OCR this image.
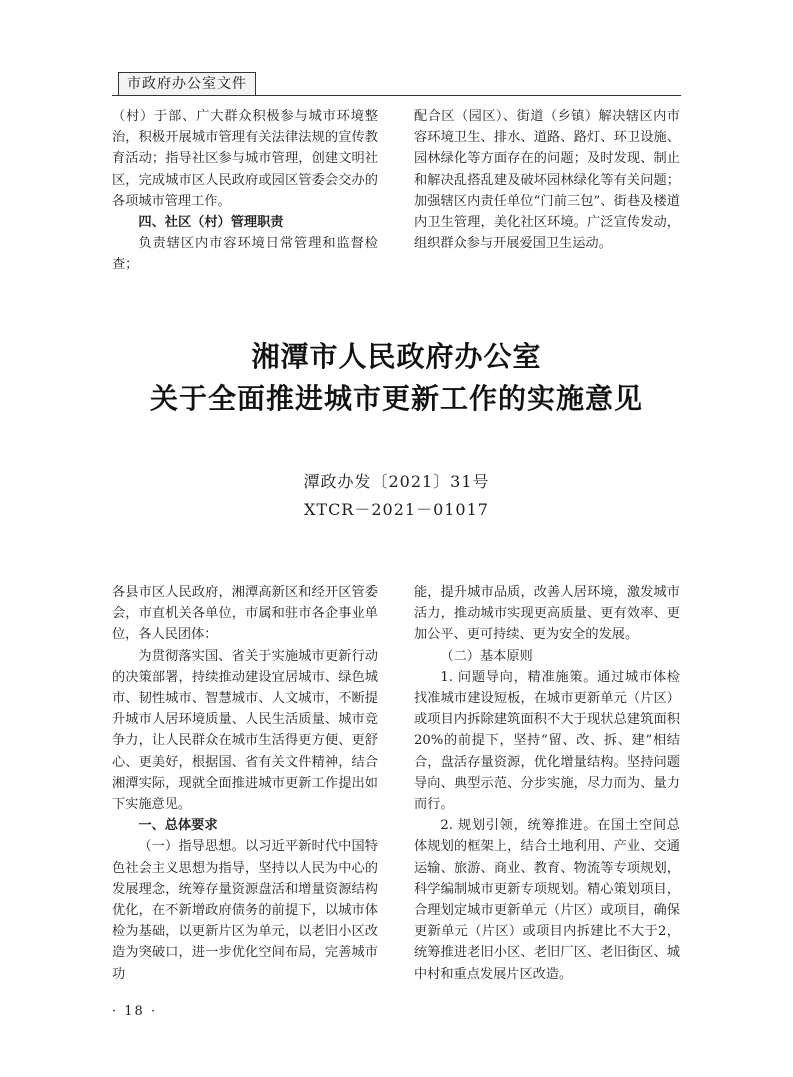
市政府办公室文件

（村）于部、广大群众积极参与城市环境整治，积极开展城市管理有关法律法规的宣传教育活动；指导社区参与城市管理，创建文明社区，完成城市区人民政府或园区管委会交办的各项城市管理工作。

四、社区（村）管理职责

负责辖区内市容环境日常管理和监督检查；

配合区（园区）、街道（乡镇）解决辖区内市容环境卫生、排水、道路、路灯、环卫设施、园林绿化等方面存在的问题；及时发现、制止和解决乱搭乱建及破坏园林绿化等有关问题；加强辖区内责任单位“门前三包”、街巷及楼道内卫生管理，美化社区环境。广泛宣传发动，组织群众参与开展爱国卫生运动。

湘潭市人民政府办公室
关于全面推进城市更新工作的实施意见
潭政办发〔2021〕31号
XTCR－2021－01017

各县市区人民政府，湘潭高新区和经开区管委会，市直机关各单位，市属和驻市各企事业单位，各人民团体：

为贯彻落实国、省关于实施城市更新行动的决策部署，持续推动建设宜居城市、绿色城市、韧性城市、智慧城市、人文城市，不断提升城市人居环境质量、人民生活质量、城市竞争力，让人民群众在城市生活得更方便、更舒心、更美好，根据国、省有关文件精神，结合湘潭实际，现就全面推进城市更新工作提出如下实施意见。

一、总体要求

（一）指导思想。以习近平新时代中国特色社会主义思想为指导，坚持以人民为中心的发展理念，统筹存量资源盘活和增量资源结构优化，在不新增政府债务的前提下，以城市体检为基础，以更新片区为单元，以老旧小区改造为突破口，进一步优化空间布局，完善城市功

能，提升城市品质，改善人居环境，激发城市活力，推动城市实现更高质量、更有效率、更加公平、更可持续、更为安全的发展。

（二）基本原则

1. 问题导向，精准施策。通过城市体检找准城市建设短板，在城市更新单元（片区）或项目内拆除建筑面积不大于现状总建筑面积20%的前提下，坚持“留、改、拆、建”相结合，盘活存量资源，优化增量结构。坚持问题导向、典型示范、分步实施，尽力而为、量力而行。

2. 规划引领，统筹推进。在国土空间总体规划的框架上，结合土地利用、产业、交通运输、旅游、商业、教育、物流等专项规划，科学编制城市更新专项规划。精心策划项目，合理划定城市更新单元（片区）或项目，确保更新单元（片区）或项目内拆建比不大于2，统筹推进老旧小区、老旧厂区、老旧街区、城中村和重点发展片区改造。

· 18 ·
